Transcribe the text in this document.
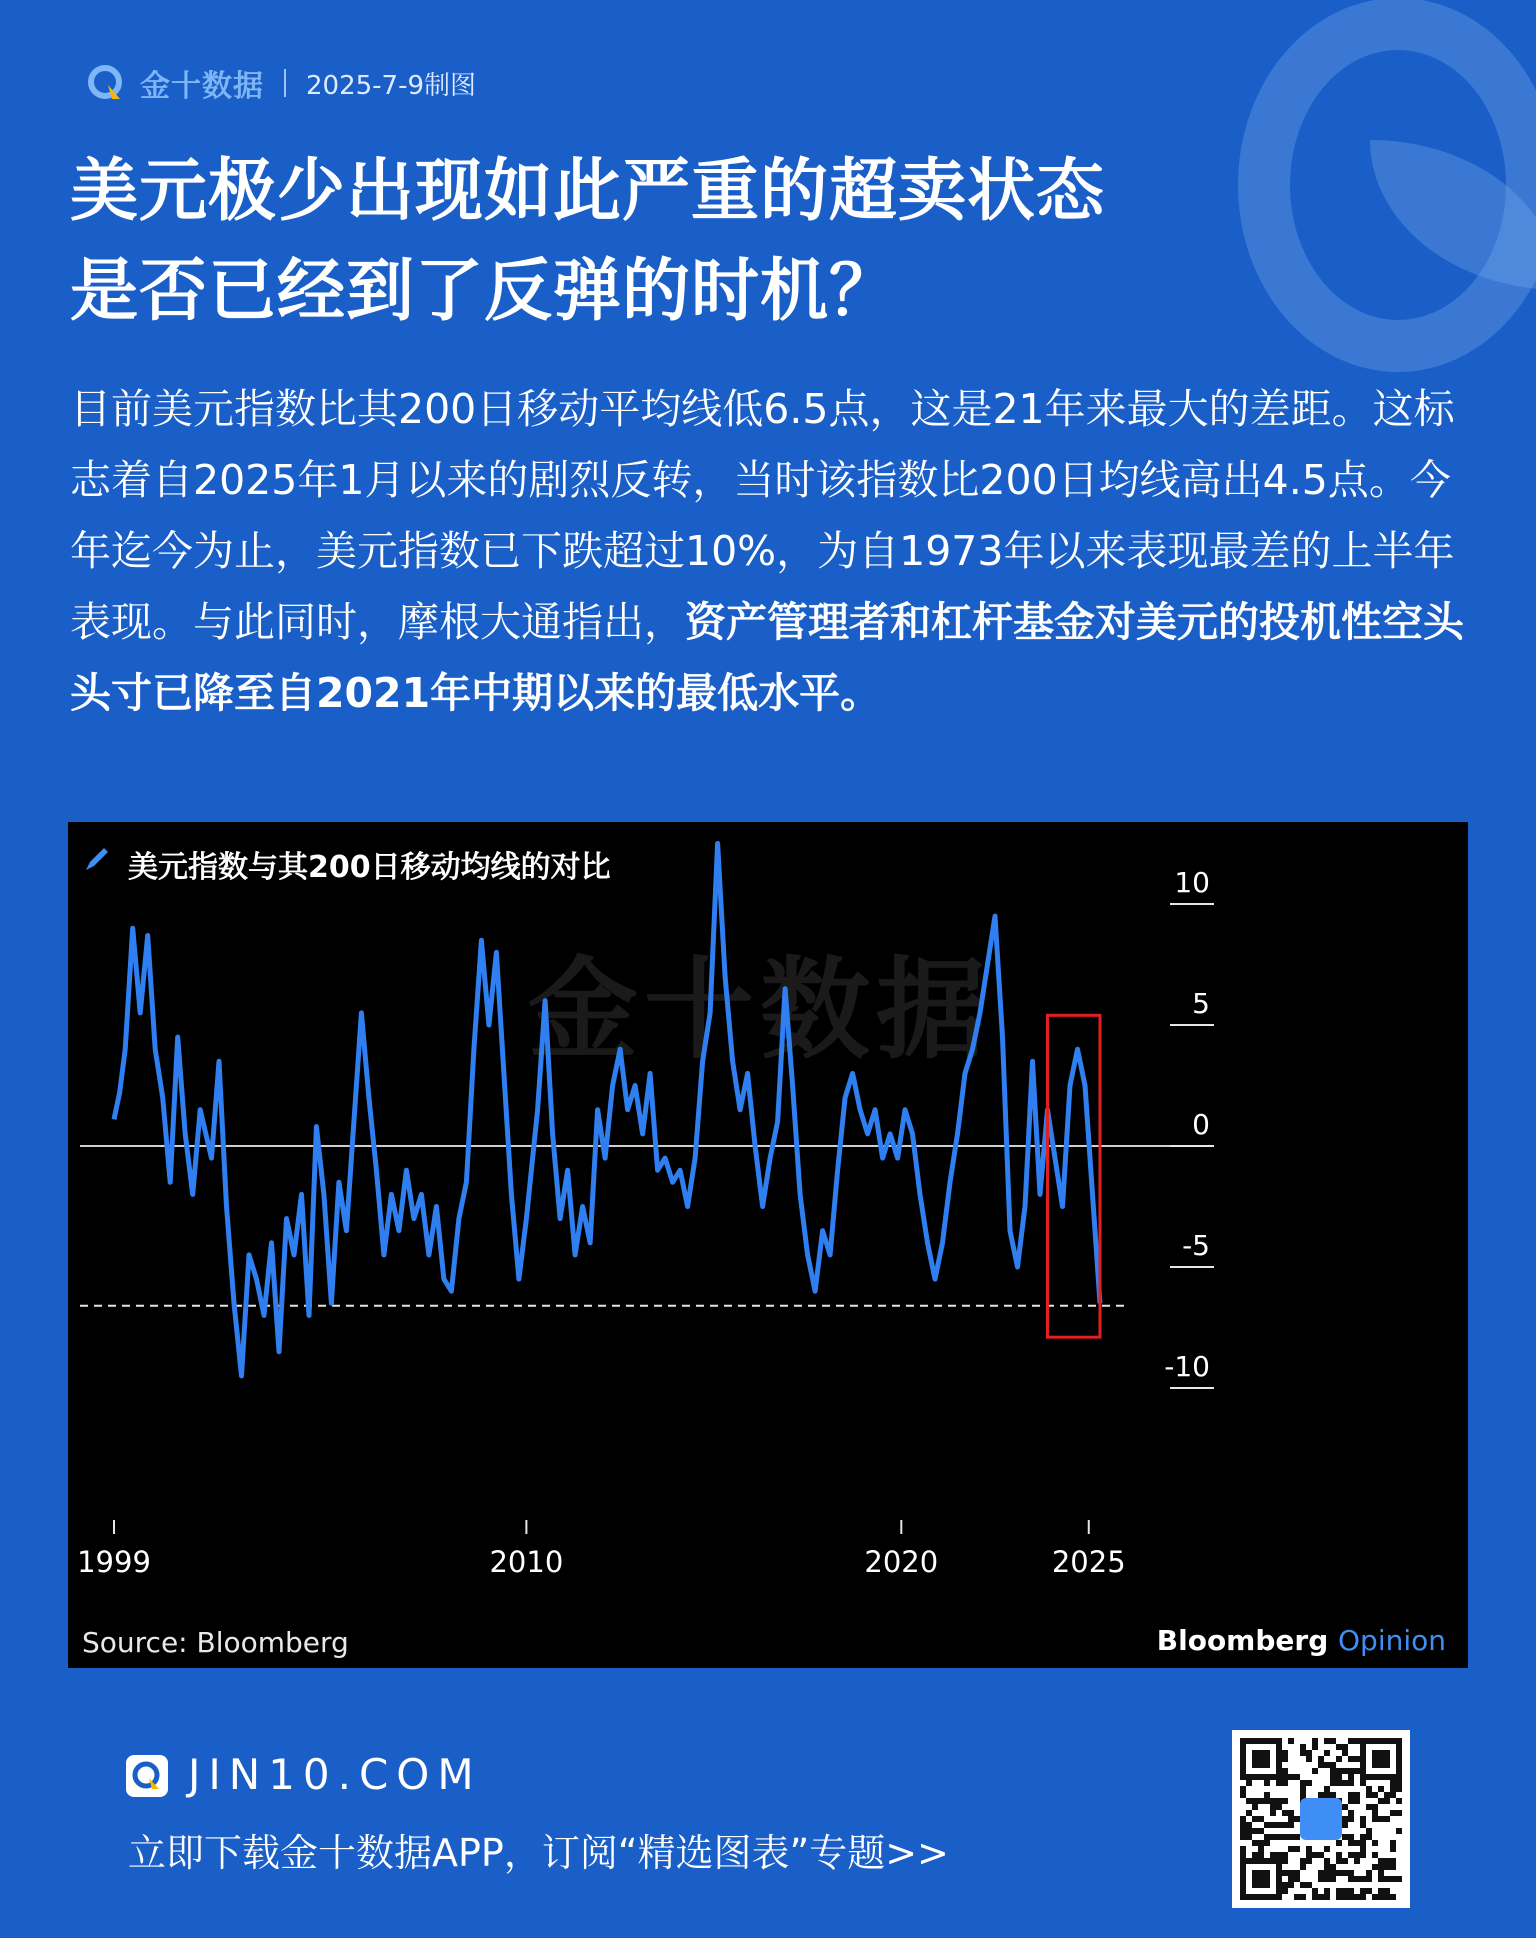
金十数据 2025-7-9制图
美元极少出现如此严重的超卖状态
是否已经到了反弹的时机？
目前美元指数比其200日移动平均线低6.5点，这是21年来最大的差距。这标志着自2025年1月以来的剧烈反转，当时该指数比200日均线高出4.5点。今年迄今为止，美元指数已下跌超过10%，为自1973年以来表现最差的上半年表现。与此同时，摩根大通指出，资产管理者和杠杆基金对美元的投机性空头头寸已降至自2021年中期以来的最低水平。
美元指数与其200日移动均线的对比
金十数据
10
5
0
-5
-10
1999	2010	2020	2025
Source: Bloomberg	Bloomberg Opinion
JIN10.COM
立即下载金十数据APP，订阅“精选图表”专题>>
